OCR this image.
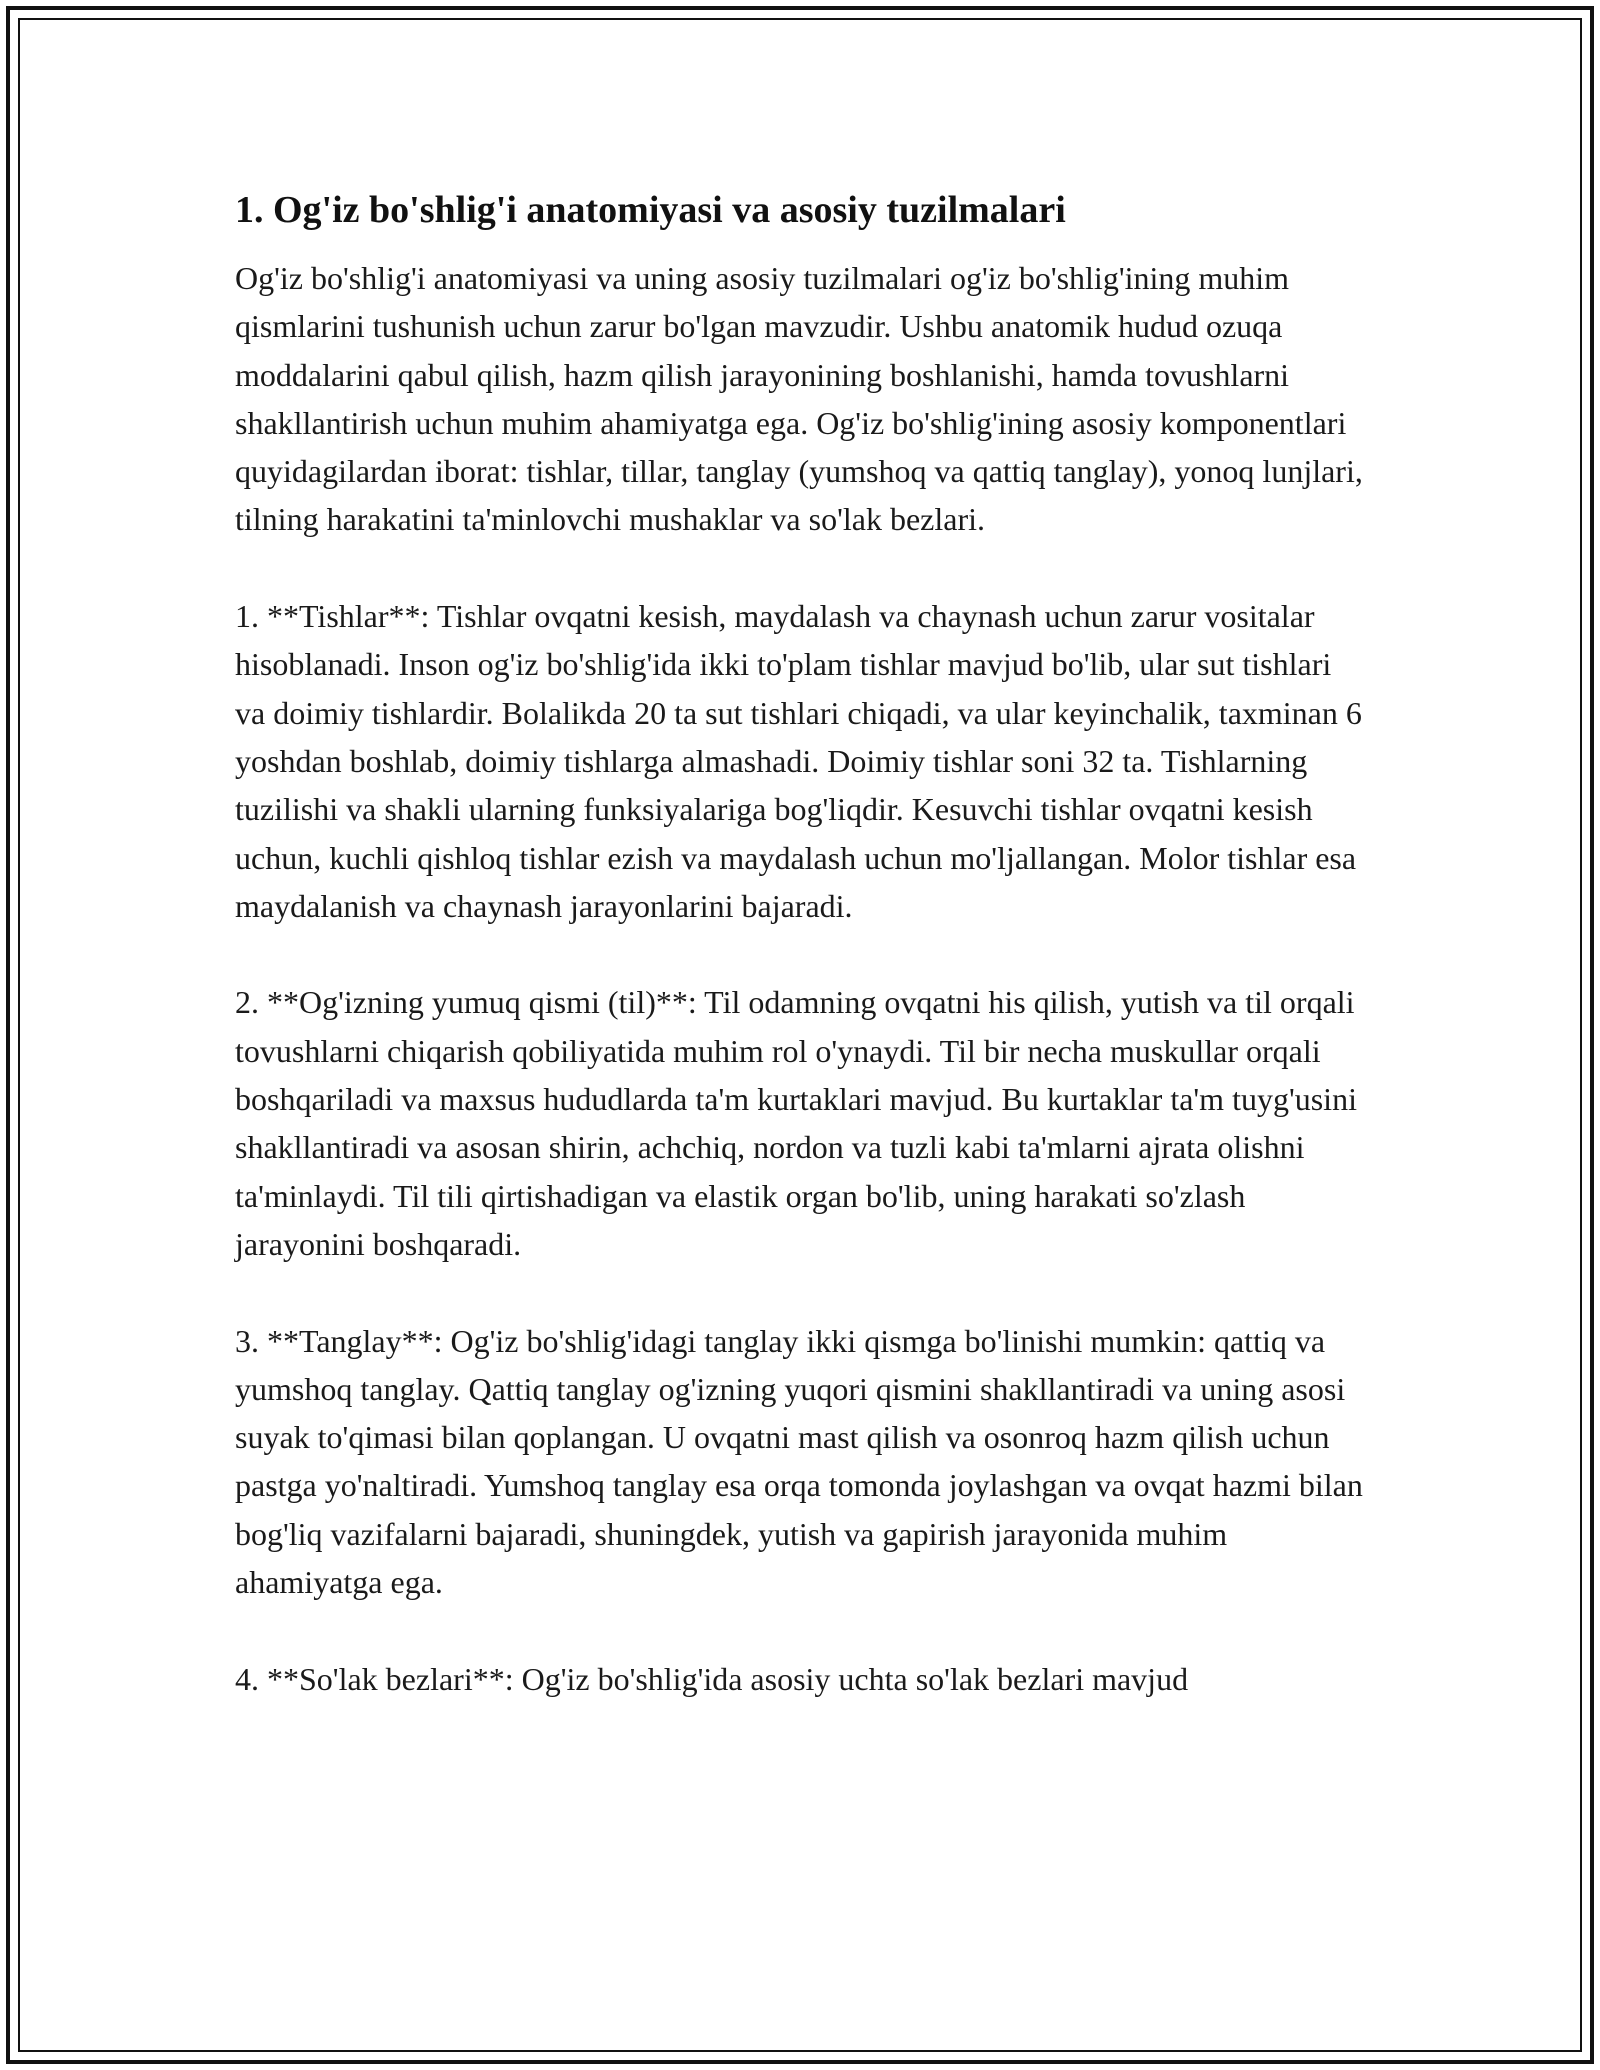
1. Og'iz bo'shlig'i anatomiyasi va asosiy tuzilmalari

Og'iz bo'shlig'i anatomiyasi va uning asosiy tuzilmalari og'iz bo'shlig'ining muhim qismlarini tushunish uchun zarur bo'lgan mavzudir. Ushbu anatomik hudud ozuqa moddalarini qabul qilish, hazm qilish jarayonining boshlanishi, hamda tovushlarni shakllantirish uchun muhim ahamiyatga ega. Og'iz bo'shlig'ining asosiy komponentlari quyidagilardan iborat: tishlar, tillar, tanglay (yumshoq va qattiq tanglay), yonoq lunjlari, tilning harakatini ta'minlovchi mushaklar va so'lak bezlari.

1. **Tishlar**: Tishlar ovqatni kesish, maydalash va chaynash uchun zarur vositalar hisoblanadi. Inson og'iz bo'shlig'ida ikki to'plam tishlar mavjud bo'lib, ular sut tishlari va doimiy tishlardir. Bolalikda 20 ta sut tishlari chiqadi, va ular keyinchalik, taxminan 6 yoshdan boshlab, doimiy tishlarga almashadi. Doimiy tishlar soni 32 ta. Tishlarning tuzilishi va shakli ularning funksiyalariga bog'liqdir. Kesuvchi tishlar ovqatni kesish uchun, kuchli qishloq tishlar ezish va maydalash uchun mo'ljallangan. Molor tishlar esa maydalanish va chaynash jarayonlarini bajaradi.

2. **Og'izning yumuq qismi (til)**: Til odamning ovqatni his qilish, yutish va til orqali tovushlarni chiqarish qobiliyatida muhim rol o'ynaydi. Til bir necha muskullar orqali boshqariladi va maxsus hududlarda ta'm kurtaklari mavjud. Bu kurtaklar ta'm tuyg'usini shakllantiradi va asosan shirin, achchiq, nordon va tuzli kabi ta'mlarni ajrata olishni ta'minlaydi. Til tili qirtishadigan va elastik organ bo'lib, uning harakati so'zlash jarayonini boshqaradi.

3. **Tanglay**: Og'iz bo'shlig'idagi tanglay ikki qismga bo'linishi mumkin: qattiq va yumshoq tanglay. Qattiq tanglay og'izning yuqori qismini shakllantiradi va uning asosi suyak to'qimasi bilan qoplangan. U ovqatni mast qilish va osonroq hazm qilish uchun pastga yo'naltiradi. Yumshoq tanglay esa orqa tomonda joylashgan va ovqat hazmi bilan bog'liq vazifalarni bajaradi, shuningdek, yutish va gapirish jarayonida muhim ahamiyatga ega.

4. **So'lak bezlari**: Og'iz bo'shlig'ida asosiy uchta so'lak bezlari mavjud
